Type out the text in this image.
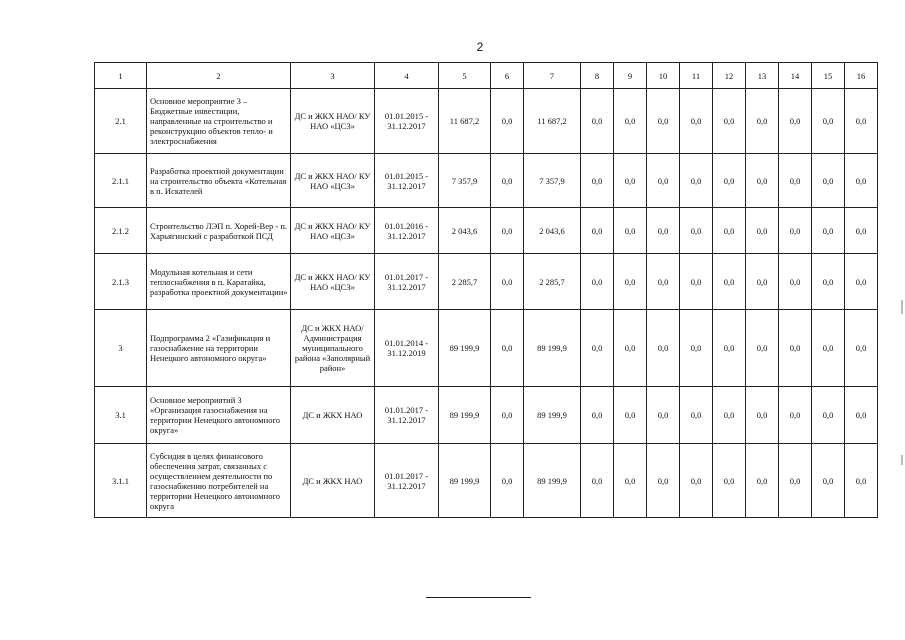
2
1	2	3	4	5	6	7	8	9	10	11	12	13	14	15	16
2.1	Основное мероприятие 3 – Бюджетные инвестиции, направленные на строительство и реконструкцию объектов тепло- и электроснабжения	ДС и ЖКХ НАО/ КУ НАО «ЦСЗ»	01.01.2015 - 31.12.2017	11 687,2	0,0	11 687,2	0,0	0,0	0,0	0,0	0,0	0,0	0,0	0,0	0,0
2.1.1	Разработка проектной документации на строительство объекта «Котельная в п. Искателей	ДС и ЖКХ НАО/ КУ НАО «ЦСЗ»	01.01.2015 - 31.12.2017	7 357,9	0,0	7 357,9	0,0	0,0	0,0	0,0	0,0	0,0	0,0	0,0	0,0
2.1.2	Строительство ЛЭП п. Хорей-Вер - п. Харьягинский с разработкой ПСД	ДС и ЖКХ НАО/ КУ НАО «ЦСЗ»	01.01.2016 - 31.12.2017	2 043,6	0,0	2 043,6	0,0	0,0	0,0	0,0	0,0	0,0	0,0	0,0	0,0
2.1.3	Модульная котельная и сети теплоснабжения в п. Каратайка, разработка проектной документации»	ДС и ЖКХ НАО/ КУ НАО «ЦСЗ»	01.01.2017 - 31.12.2017	2 285,7	0,0	2 285,7	0,0	0,0	0,0	0,0	0,0	0,0	0,0	0,0	0,0
3	Подпрограмма 2 «Газификация и газоснабжение на территории Ненецкого автономного округа»	ДС и ЖКХ НАО/ Администрация муниципального района «Заполярный район»	01.01.2014 - 31.12.2019	89 199,9	0,0	89 199,9	0,0	0,0	0,0	0,0	0,0	0,0	0,0	0,0	0,0
3.1	Основное мероприятий 3 «Организация газоснабжения на территории Ненецкого автономного округа»	ДС и ЖКХ НАО	01.01.2017 - 31.12.2017	89 199,9	0,0	89 199,9	0,0	0,0	0,0	0,0	0,0	0,0	0,0	0,0	0,0
3.1.1	Субсидия в целях финансового обеспечения затрат, связанных с осуществлением деятельности по газоснабжению потребителей на территории Ненецкого автономного округа	ДС и ЖКХ НАО	01.01.2017 - 31.12.2017	89 199,9	0,0	89 199,9	0,0	0,0	0,0	0,0	0,0	0,0	0,0	0,0	0,0
